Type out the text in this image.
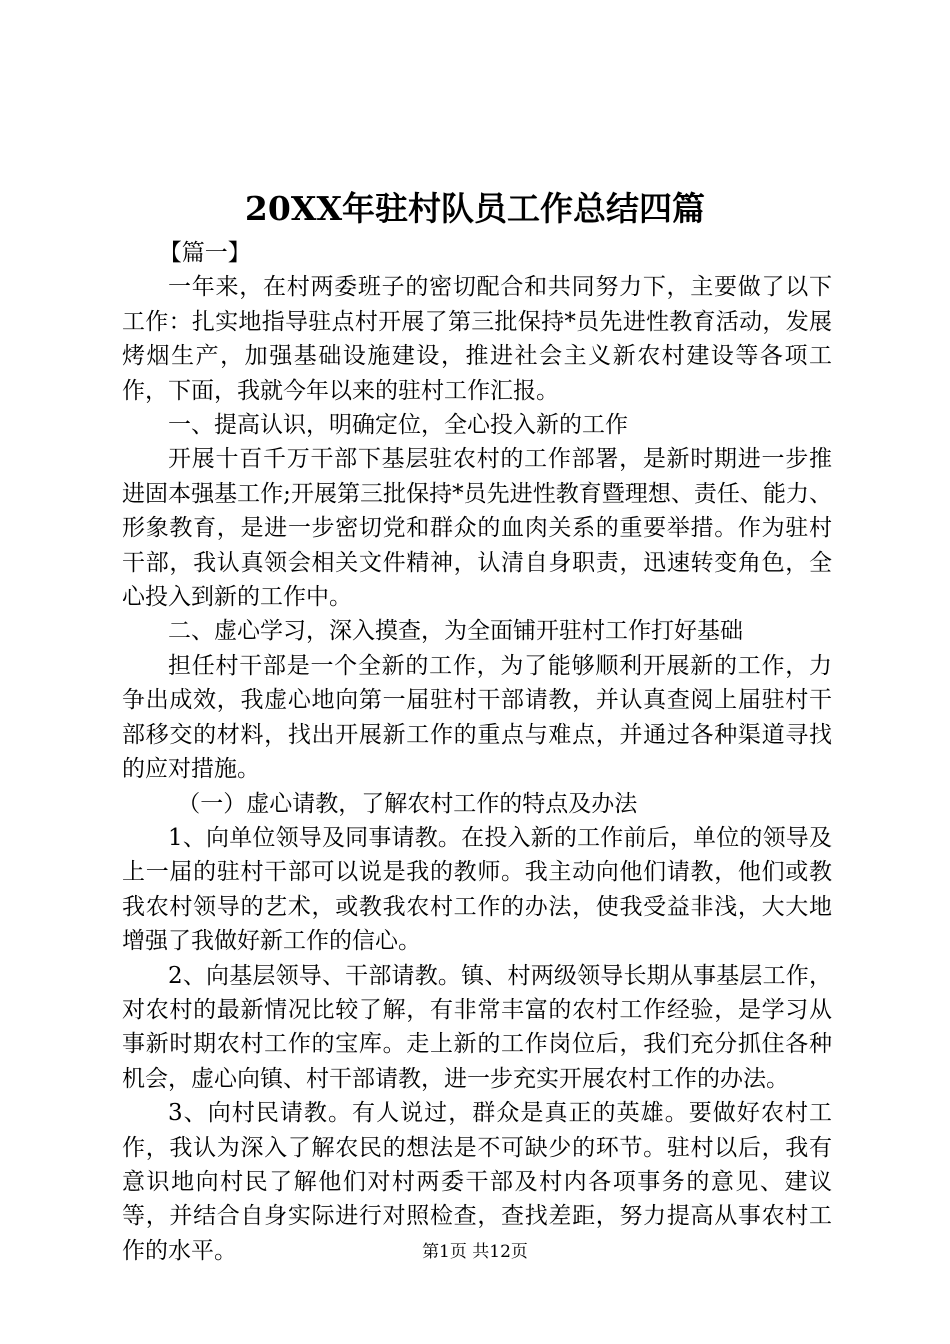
20XX年驻村队员工作总结四篇

【篇一】

一年来，在村两委班子的密切配合和共同努力下，主要做了以下工作：扎实地指导驻点村开展了第三批保持*员先进性教育活动，发展烤烟生产，加强基础设施建设，推进社会主义新农村建设等各项工作，下面，我就今年以来的驻村工作汇报。

一、提高认识，明确定位，全心投入新的工作

开展十百千万干部下基层驻农村的工作部署，是新时期进一步推进固本强基工作;开展第三批保持*员先进性教育暨理想、责任、能力、形象教育，是进一步密切党和群众的血肉关系的重要举措。作为驻村干部，我认真领会相关文件精神，认清自身职责，迅速转变角色，全心投入到新的工作中。

二、虚心学习，深入摸查，为全面铺开驻村工作打好基础

担任村干部是一个全新的工作，为了能够顺利开展新的工作，力争出成效，我虚心地向第一届驻村干部请教，并认真查阅上届驻村干部移交的材料，找出开展新工作的重点与难点，并通过各种渠道寻找的应对措施。

（一）虚心请教，了解农村工作的特点及办法

1、向单位领导及同事请教。在投入新的工作前后，单位的领导及上一届的驻村干部可以说是我的教师。我主动向他们请教，他们或教我农村领导的艺术，或教我农村工作的办法，使我受益非浅，大大地增强了我做好新工作的信心。

2、向基层领导、干部请教。镇、村两级领导长期从事基层工作，对农村的最新情况比较了解，有非常丰富的农村工作经验，是学习从事新时期农村工作的宝库。走上新的工作岗位后，我们充分抓住各种机会，虚心向镇、村干部请教，进一步充实开展农村工作的办法。

3、向村民请教。有人说过，群众是真正的英雄。要做好农村工作，我认为深入了解农民的想法是不可缺少的环节。驻村以后，我有意识地向村民了解他们对村两委干部及村内各项事务的意见、建议等，并结合自身实际进行对照检查，查找差距，努力提高从事农村工作的水平。	第1页 共12页
